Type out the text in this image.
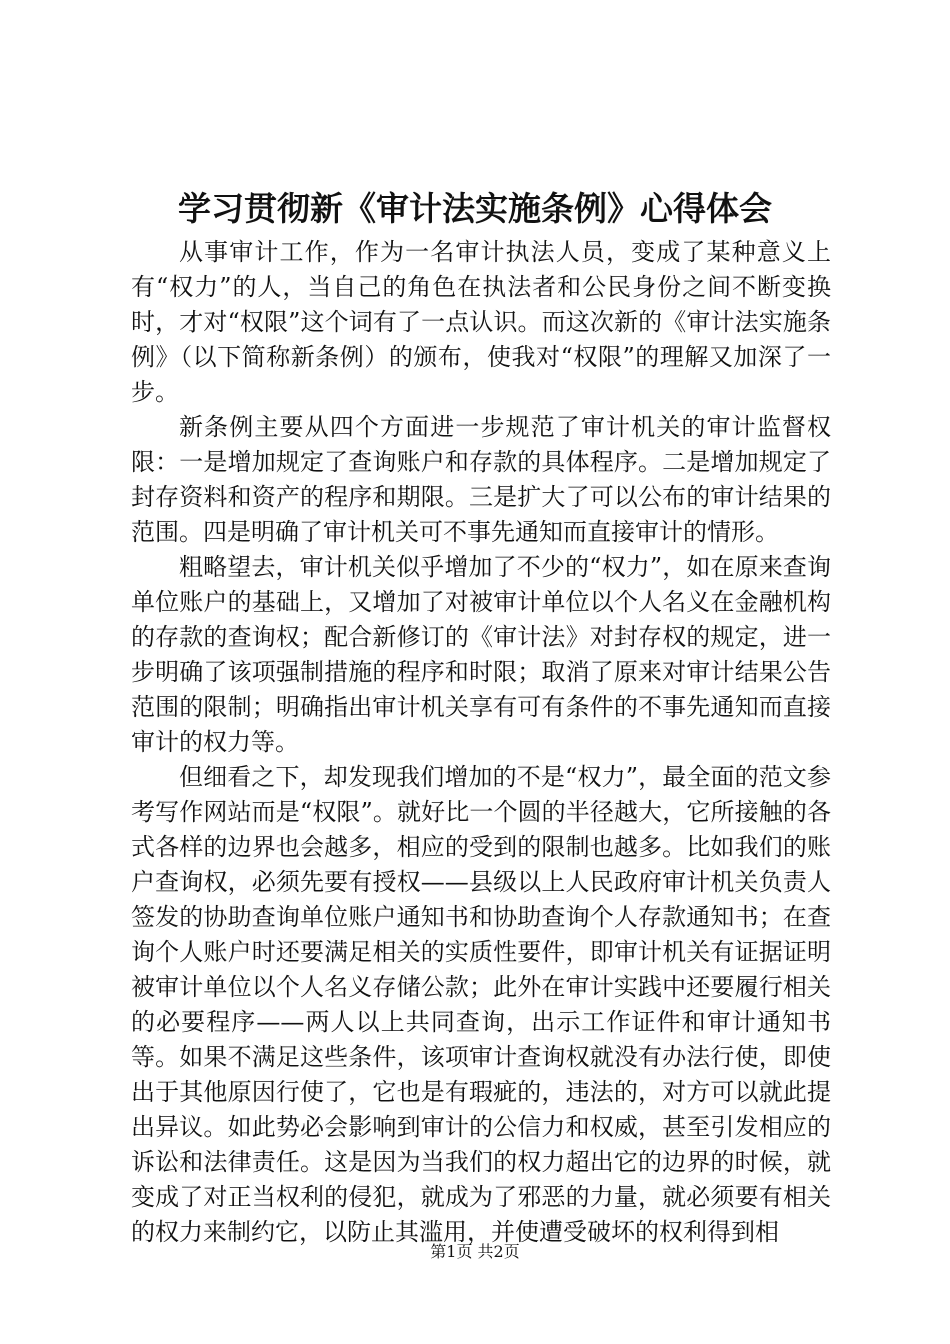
学习贯彻新《审计法实施条例》心得体会

从事审计工作，作为一名审计执法人员，变成了某种意义上有“权力”的人，当自己的角色在执法者和公民身份之间不断变换时，才对“权限”这个词有了一点认识。而这次新的《审计法实施条例》（以下简称新条例）的颁布，使我对“权限”的理解又加深了一步。

新条例主要从四个方面进一步规范了审计机关的审计监督权限：一是增加规定了查询账户和存款的具体程序。二是增加规定了封存资料和资产的程序和期限。三是扩大了可以公布的审计结果的范围。四是明确了审计机关可不事先通知而直接审计的情形。

粗略望去，审计机关似乎增加了不少的“权力”，如在原来查询单位账户的基础上，又增加了对被审计单位以个人名义在金融机构的存款的查询权；配合新修订的《审计法》对封存权的规定，进一步明确了该项强制措施的程序和时限；取消了原来对审计结果公告范围的限制；明确指出审计机关享有可有条件的不事先通知而直接审计的权力等。

但细看之下，却发现我们增加的不是“权力”，最全面的范文参考写作网站而是“权限”。就好比一个圆的半径越大，它所接触的各式各样的边界也会越多，相应的受到的限制也越多。比如我们的账户查询权，必须先要有授权——县级以上人民政府审计机关负责人签发的协助查询单位账户通知书和协助查询个人存款通知书；在查询个人账户时还要满足相关的实质性要件，即审计机关有证据证明被审计单位以个人名义存储公款；此外在审计实践中还要履行相关的必要程序——两人以上共同查询，出示工作证件和审计通知书等。如果不满足这些条件，该项审计查询权就没有办法行使，即使出于其他原因行使了，它也是有瑕疵的，违法的，对方可以就此提出异议。如此势必会影响到审计的公信力和权威，甚至引发相应的诉讼和法律责任。这是因为当我们的权力超出它的边界的时候，就变成了对正当权利的侵犯，就成为了邪恶的力量，就必须要有相关的权力来制约它，以防止其滥用，并使遭受破坏的权利得到相

第1页 共2页
